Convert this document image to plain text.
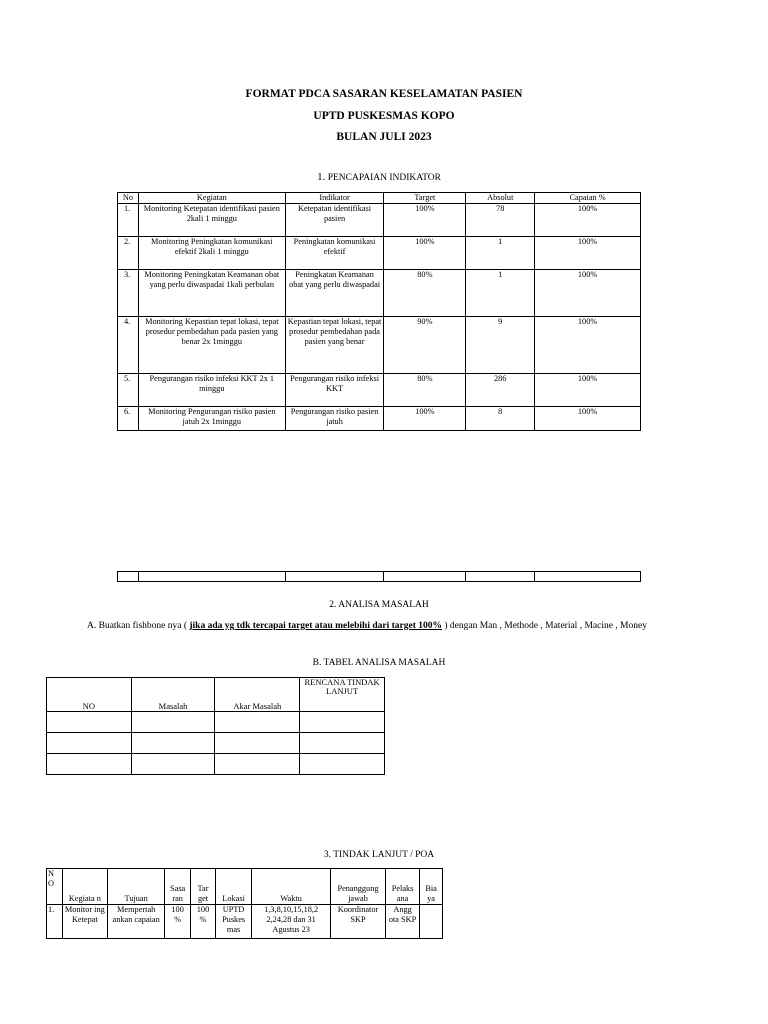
FORMAT PDCA SASARAN KESELAMATAN PASIEN
UPTD PUSKESMAS KOPO
BULAN JULI 2023
1. PENCAPAIAN INDIKATOR
No	Kegiatan	Indikator	Target	Absolut	Capaian %
1.	Monitoring Ketepatan identifikasi pasien 2kali 1 minggu	Ketepatan identifikasi pasien	100%	78	100%
2.	Monitoring Peningkatan komunikasi efektif 2kali 1 minggu	Peningkatan komunikasi efektif	100%	1	100%
3.	Monitoring Peningkatan Keamanan obat yang perlu diwaspadai 1kali perbulan	Peningkatan Keamanan obat yang perlu diwaspadai	80%	1	100%
4.	Monitoring Kepastian tepat lokasi, tepat prosedur pembedahan pada pasien yang benar 2x 1minggu	Kepastian tepat lokasi, tepat prosedur pembedahan pada pasien yang benar	90%	9	100%
5.	Pengurangan risiko infeksi KKT 2x 1 minggu	Pengurangan risiko infeksi KKT	80%	286	100%
6.	Monitoring Pengurangan risiko pasien jatuh 2x 1minggu	Pengurangan risiko pasien jatuh	100%	8	100%

2. ANALISA MASALAH
A. Buatkan fishbone nya ( jika ada yg tdk tercapai target atau melebihi dari target 100% ) dengan Man , Methode , Material , Macine , Money
B. TABEL ANALISA MASALAH
NO	Masalah	Akar Masalah	RENCANA TINDAK LANJUT

3. TINDAK LANJUT / POA
N O	Kegiata n	Tujuan	Sasa ran	Tar get	Lokasi	Waktu	Penanggung jawab	Pelaks ana	Bia ya
1.	Monitor ing Ketepat	Mempertah ankan capaian	100 %	100 %	UPTD Puskes mas	1,3,8,10,15,18,2 2,24,28 dan 31 Agustus 23	Koordinator SKP	Angg ota SKP	
